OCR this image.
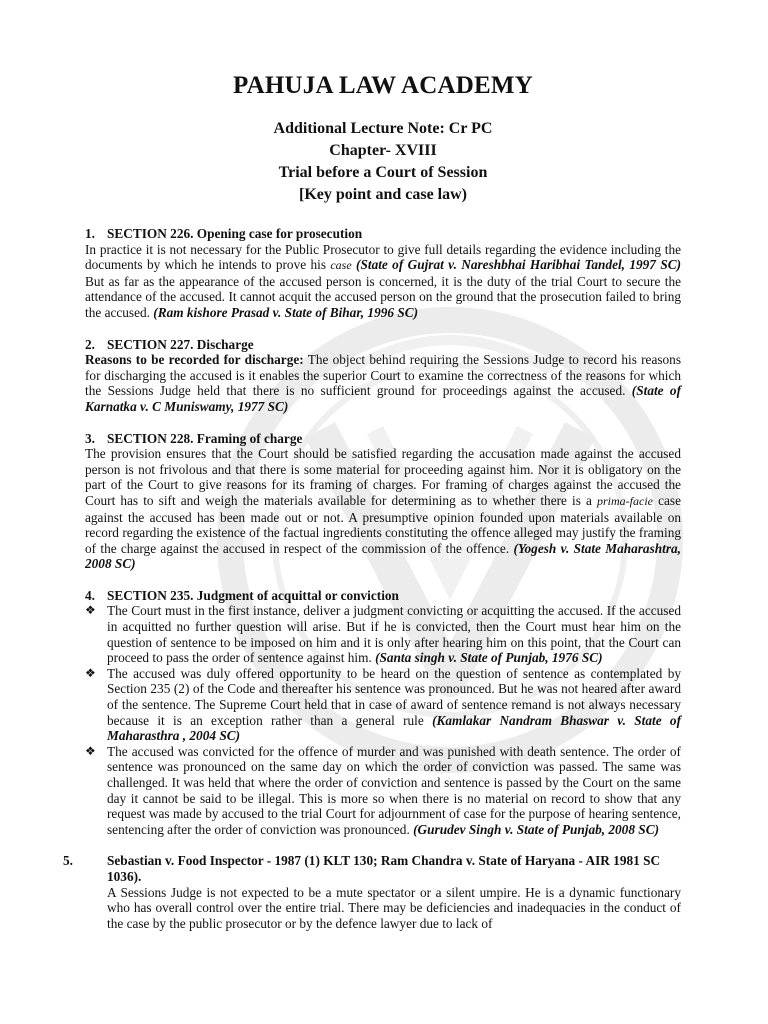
PAHUJA LAW ACADEMY
Additional Lecture Note: Cr PC
Chapter- XVIII
Trial before a Court of Session
[Key point and case law)
1. SECTION 226. Opening case for prosecution

In practice it is not necessary for the Public Prosecutor to give full details regarding the evidence including the documents by which he intends to prove his case (State of Gujrat v. Nareshbhai Haribhai Tandel, 1997 SC) But as far as the appearance of the accused person is concerned, it is the duty of the trial Court to secure the attendance of the accused. It cannot acquit the accused person on the ground that the prosecution failed to bring the accused. (Ram kishore Prasad v. State of Bihar, 1996 SC)

2. SECTION 227. Discharge

Reasons to be recorded for discharge: The object behind requiring the Sessions Judge to record his reasons for discharging the accused is it enables the superior Court to examine the correctness of the reasons for which the Sessions Judge held that there is no sufficient ground for proceedings against the accused. (State of Karnatka v. C Muniswamy, 1977 SC)

3. SECTION 228. Framing of charge

The provision ensures that the Court should be satisfied regarding the accusation made against the accused person is not frivolous and that there is some material for proceeding against him. Nor it is obligatory on the part of the Court to give reasons for its framing of charges. For framing of charges against the accused the Court has to sift and weigh the materials available for determining as to whether there is a prima-facie case against the accused has been made out or not. A presumptive opinion founded upon materials available on record regarding the existence of the factual ingredients constituting the offence alleged may justify the framing of the charge against the accused in respect of the commission of the offence. (Yogesh v. State Maharashtra, 2008 SC)

4. SECTION 235. Judgment of acquittal or conviction
❖ The Court must in the first instance, deliver a judgment convicting or acquitting the accused. If the accused in acquitted no further question will arise. But if he is convicted, then the Court must hear him on the question of sentence to be imposed on him and it is only after hearing him on this point, that the Court can proceed to pass the order of sentence against him. (Santa singh v. State of Punjab, 1976 SC)
❖ The accused was duly offered opportunity to be heard on the question of sentence as contemplated by Section 235 (2) of the Code and thereafter his sentence was pronounced. But he was not heared after award of the sentence. The Supreme Court held that in case of award of sentence remand is not always necessary because it is an exception rather than a general rule (Kamlakar Nandram Bhaswar v. State of Maharasthra , 2004 SC)
❖ The accused was convicted for the offence of murder and was punished with death sentence. The order of sentence was pronounced on the same day on which the order of conviction was passed. The same was challenged. It was held that where the order of conviction and sentence is passed by the Court on the same day it cannot be said to be illegal. This is more so when there is no material on record to show that any request was made by accused to the trial Court for adjournment of case for the purpose of hearing sentence, sentencing after the order of conviction was pronounced. (Gurudev Singh v. State of Punjab, 2008 SC)
5.	Sebastian v. Food Inspector - 1987 (1) KLT 130; Ram Chandra v. State of Haryana - AIR 1981 SC 1036).

A Sessions Judge is not expected to be a mute spectator or a silent umpire. He is a dynamic functionary who has overall control over the entire trial. There may be deficiencies and inadequacies in the conduct of the case by the public prosecutor or by the defence lawyer due to lack of
